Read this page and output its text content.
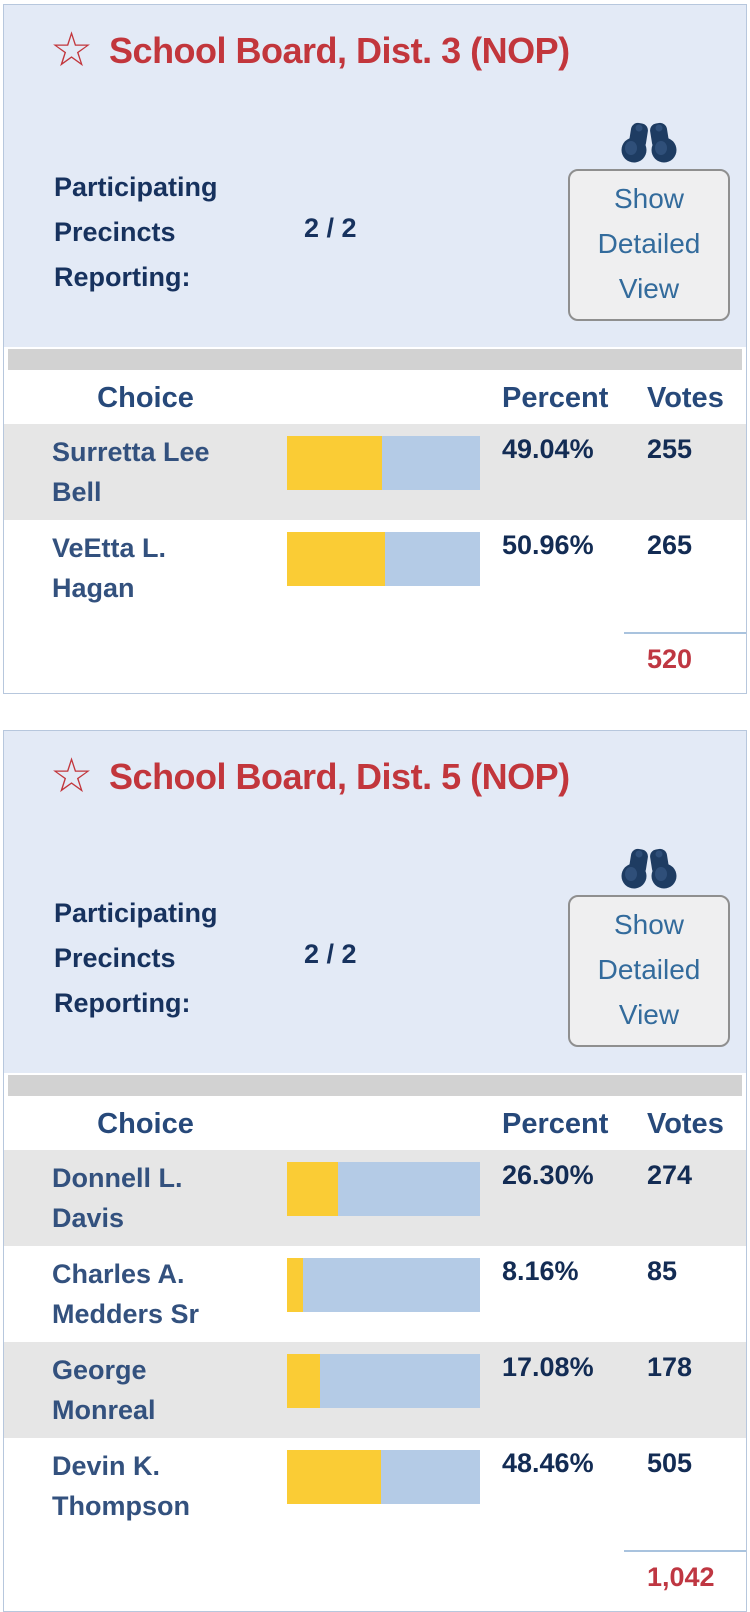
☆ School Board, Dist. 3 (NOP)
Participating Precincts Reporting:
2 / 2
Show Detailed View
Choice	Percent	Votes
Surretta Lee
Bell
49.04%	255
VeEtta L.
Hagan
50.96%	265
520
☆ School Board, Dist. 5 (NOP)
Participating Precincts Reporting:
2 / 2
Show Detailed View
Choice	Percent	Votes
Donnell L.
Davis
26.30%	274
Charles A.
Medders Sr
8.16%	85
George
Monreal
17.08%	178
Devin K.
Thompson
48.46%	505
1,042
